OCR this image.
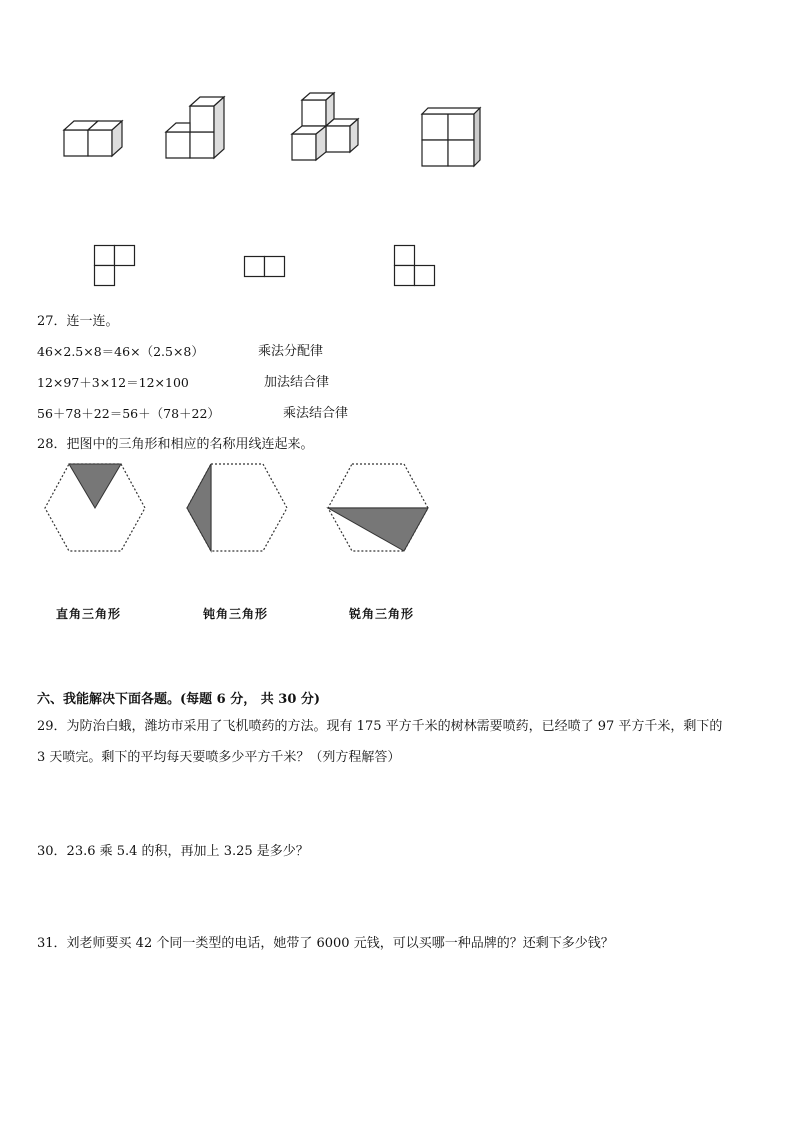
27．连一连。
46×2.5×8＝46×（2.5×8）	乘法分配律
12×97＋3×12＝12×100	加法结合律
56＋78＋22＝56＋（78＋22）	乘法结合律
28．把图中的三角形和相应的名称用线连起来。
直角三角形	钝角三角形	锐角三角形
六、我能解决下面各题。(每题 6 分， 共 30 分)
29．为防治白蛾，潍坊市采用了飞机喷药的方法。现有 175 平方千米的树林需要喷药，已经喷了 97 平方千米，剩下的
3 天喷完。剩下的平均每天要喷多少平方千米？（列方程解答）
30．23.6 乘 5.4 的积，再加上 3.25 是多少？
31．刘老师要买 42 个同一类型的电话，她带了 6000 元钱，可以买哪一种品牌的？还剩下多少钱？
